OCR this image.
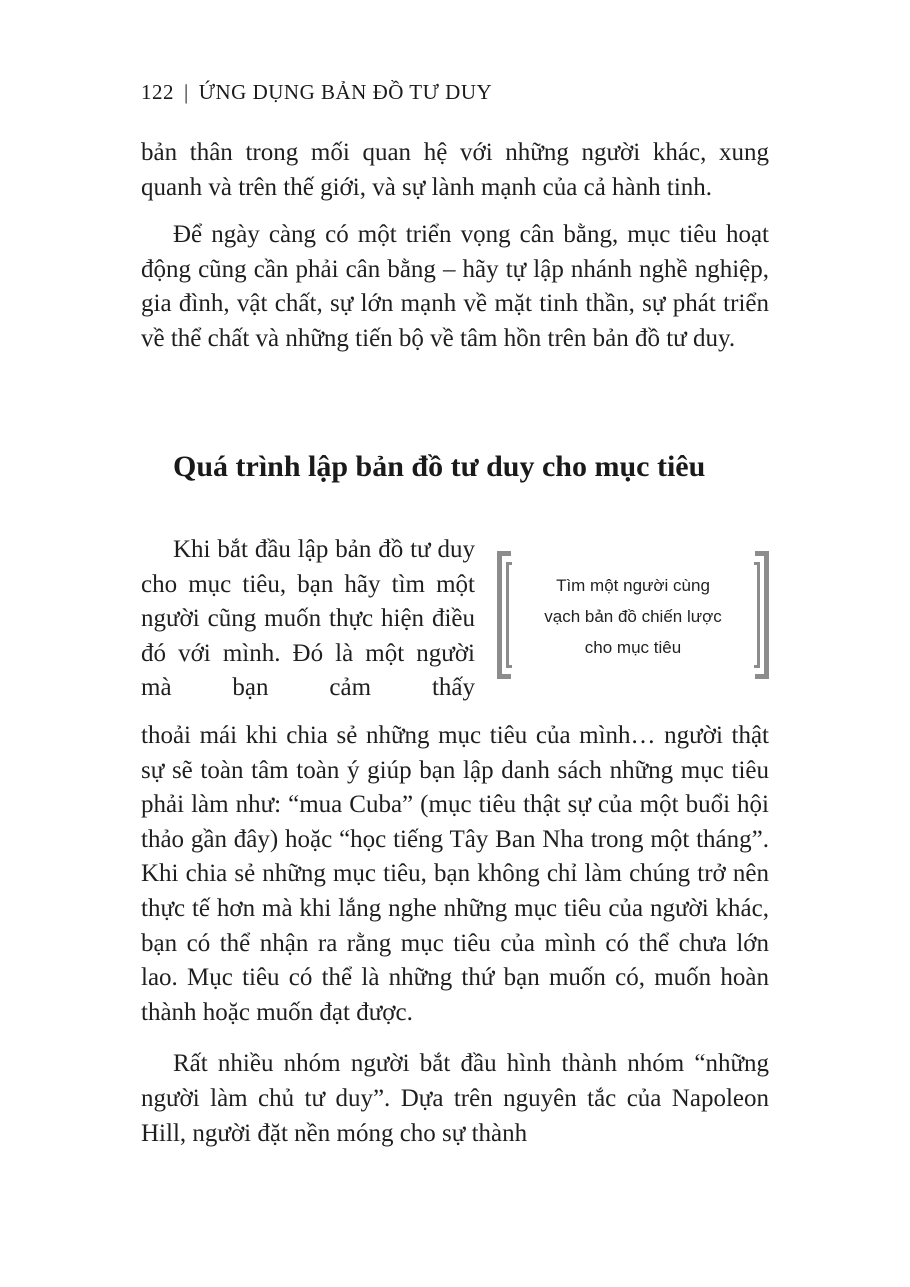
122 | ỨNG DỤNG BẢN ĐỒ TƯ DUY

bản thân trong mối quan hệ với những người khác, xung quanh và trên thế giới, và sự lành mạnh của cả hành tinh.

Để ngày càng có một triển vọng cân bằng, mục tiêu hoạt động cũng cần phải cân bằng – hãy tự lập nhánh nghề nghiệp, gia đình, vật chất, sự lớn mạnh về mặt tinh thần, sự phát triển về thể chất và những tiến bộ về tâm hồn trên bản đồ tư duy.

Quá trình lập bản đồ tư duy cho mục tiêu

Khi bắt đầu lập bản đồ tư duy cho mục tiêu, bạn hãy tìm một người cũng muốn thực hiện điều đó với mình. Đó là một người mà bạn cảm thấy

Tìm một người cùng
vạch bản đồ chiến lược
cho mục tiêu

thoải mái khi chia sẻ những mục tiêu của mình… người thật sự sẽ toàn tâm toàn ý giúp bạn lập danh sách những mục tiêu phải làm như: “mua Cuba” (mục tiêu thật sự của một buổi hội thảo gần đây) hoặc “học tiếng Tây Ban Nha trong một tháng”. Khi chia sẻ những mục tiêu, bạn không chỉ làm chúng trở nên thực tế hơn mà khi lắng nghe những mục tiêu của người khác, bạn có thể nhận ra rằng mục tiêu của mình có thể chưa lớn lao. Mục tiêu có thể là những thứ bạn muốn có, muốn hoàn thành hoặc muốn đạt được.

Rất nhiều nhóm người bắt đầu hình thành nhóm “những người làm chủ tư duy”. Dựa trên nguyên tắc của Napoleon Hill, người đặt nền móng cho sự thành
